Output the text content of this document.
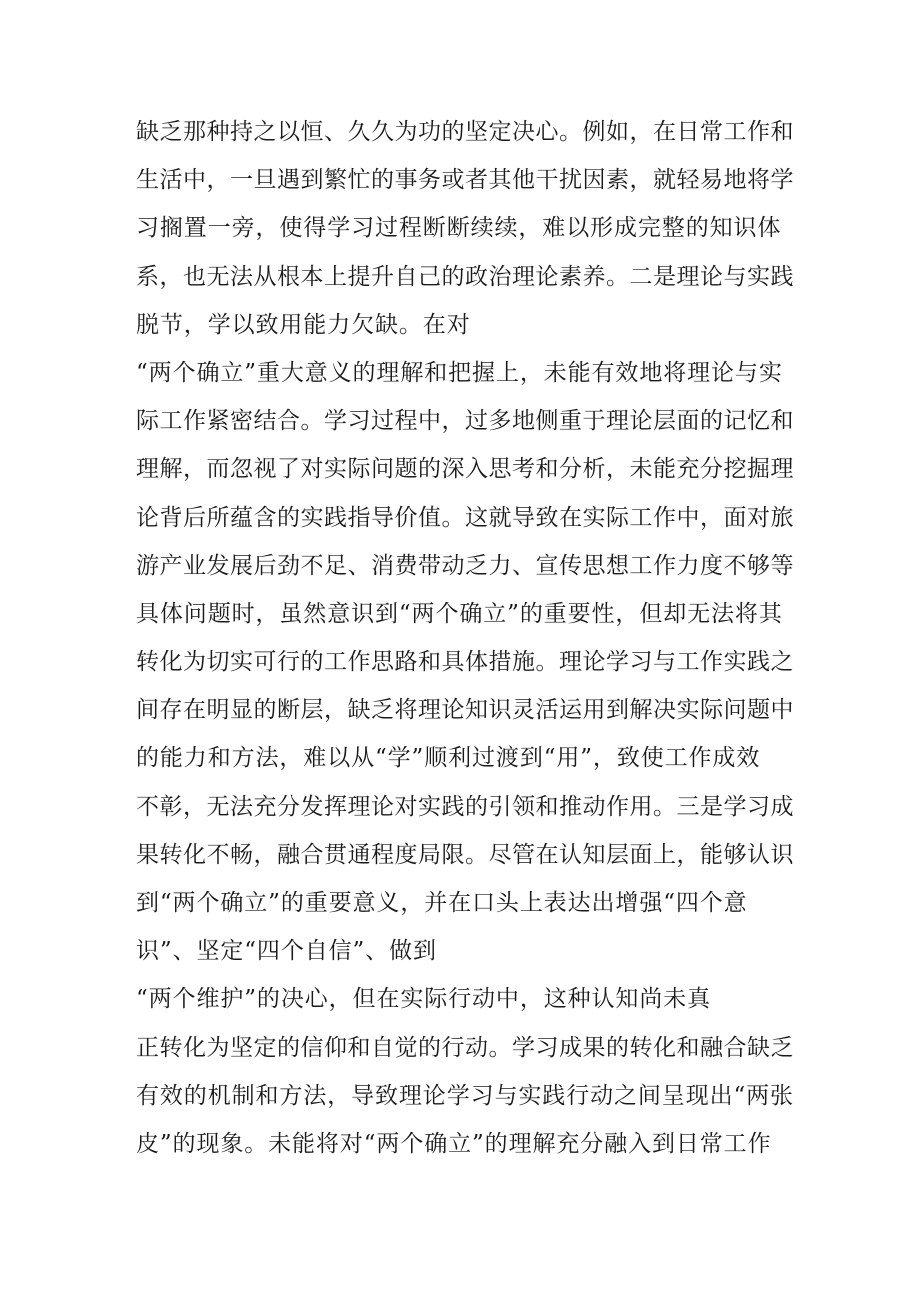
缺乏那种持之以恒、久久为功的坚定决心。例如，在日常工作和
生活中，一旦遇到繁忙的事务或者其他干扰因素，就轻易地将学
习搁置一旁，使得学习过程断断续续，难以形成完整的知识体
系，也无法从根本上提升自己的政治理论素养。二是理论与实践
脱节，学以致用能力欠缺。在对
“两个确立”重大意义的理解和把握上，未能有效地将理论与实
际工作紧密结合。学习过程中，过多地侧重于理论层面的记忆和
理解，而忽视了对实际问题的深入思考和分析，未能充分挖掘理
论背后所蕴含的实践指导价值。这就导致在实际工作中，面对旅
游产业发展后劲不足、消费带动乏力、宣传思想工作力度不够等
具体问题时，虽然意识到“两个确立”的重要性，但却无法将其
转化为切实可行的工作思路和具体措施。理论学习与工作实践之
间存在明显的断层，缺乏将理论知识灵活运用到解决实际问题中
的能力和方法，难以从“学”顺利过渡到“用”，致使工作成效
不彰，无法充分发挥理论对实践的引领和推动作用。三是学习成
果转化不畅，融合贯通程度局限。尽管在认知层面上，能够认识
到“两个确立”的重要意义，并在口头上表达出增强“四个意
识”、坚定“四个自信”、做到
“两个维护”的决心，但在实际行动中，这种认知尚未真
正转化为坚定的信仰和自觉的行动。学习成果的转化和融合缺乏
有效的机制和方法，导致理论学习与实践行动之间呈现出“两张
皮”的现象。未能将对“两个确立”的理解充分融入到日常工作
